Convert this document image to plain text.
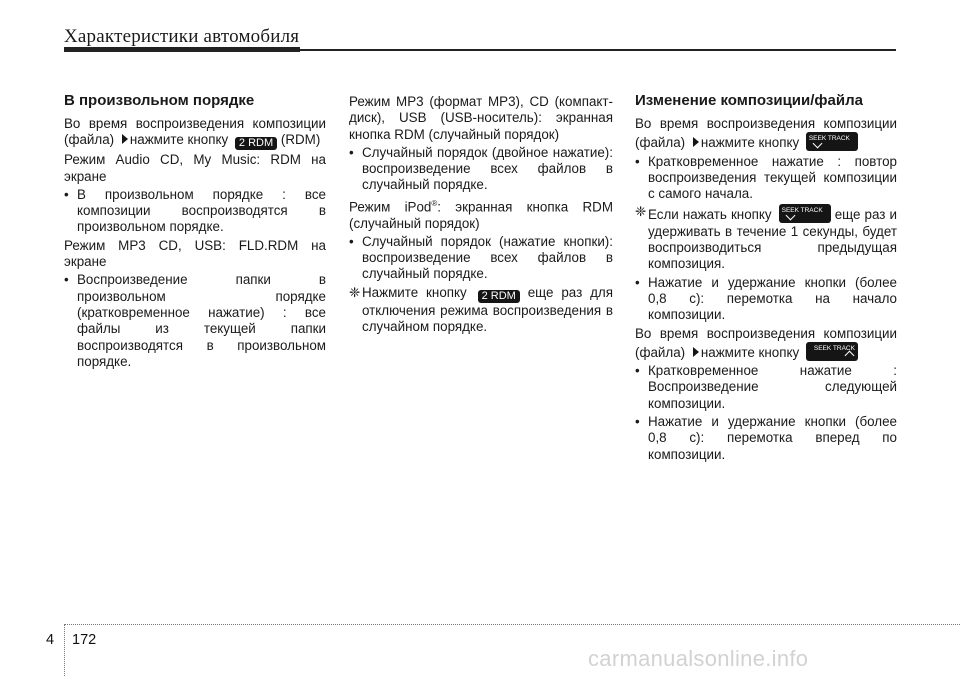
Характеристики автомобиля
В произвольном порядке
Во время воспроизведения композиции (файла) нажмите кнопку 2 RDM (RDM)
Режим Audio CD, My Music: RDM на экране
• В произвольном порядке : все композиции воспроизводятся в произвольном порядке.
Режим MP3 CD, USB: FLD.RDM на экране
• Воспроизведение папки в произвольном порядке (кратковременное нажатие) : все файлы из текущей папки воспроизводятся в произвольном порядке.
Режим MP3 (формат MP3), CD (компакт-диск), USB (USB-носитель): экранная кнопка RDM (случайный порядок)
• Случайный порядок (двойное нажатие): воспроизведение всех файлов в случайный порядке.
Режим iPod®: экранная кнопка RDM (случайный порядок)
• Случайный порядок (нажатие кнопки): воспроизведение всех файлов в случайный порядке.
❈ Нажмите кнопку 2 RDM еще раз для отключения режима воспроизведения в случайном порядке.
Изменение композиции/файла
Во время воспроизведения композиции (файла) нажмите кнопку SEEK TRACK
• Кратковременное нажатие : повтор воспроизведения текущей композиции с самого начала.
❈ Если нажать кнопку SEEK TRACK еще раз и удерживать в течение 1 секунды, будет воспроизводиться предыдущая композиция.
• Нажатие и удержание кнопки (более 0,8 с): перемотка на начало композиции.
Во время воспроизведения композиции (файла) нажмите кнопку SEEK TRACK
• Кратковременное нажатие : Воспроизведение следующей композиции.
• Нажатие и удержание кнопки (более 0,8 с): перемотка вперед по композиции.
4 172
carmanualsonline.info
